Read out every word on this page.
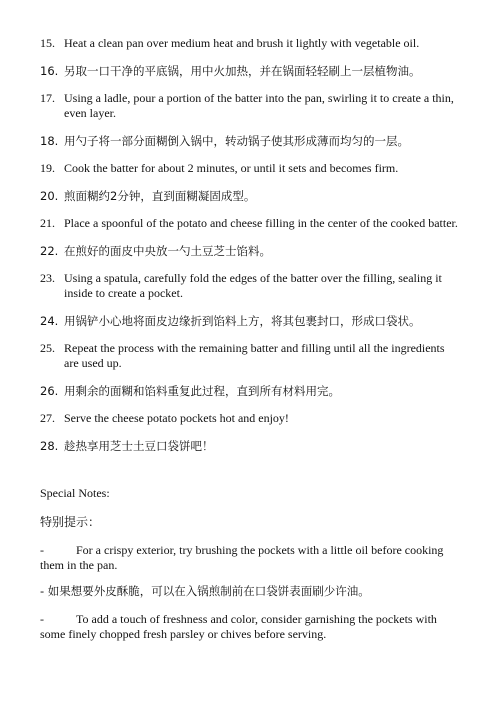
15. Heat a clean pan over medium heat and brush it lightly with vegetable oil.
16. 另取一口干净的平底锅，用中火加热，并在锅面轻轻刷上一层植物油。
17. Using a ladle, pour a portion of the batter into the pan, swirling it to create a thin, even layer.
18. 用勺子将一部分面糊倒入锅中，转动锅子使其形成薄而均匀的一层。
19. Cook the batter for about 2 minutes, or until it sets and becomes firm.
20. 煎面糊约2分钟，直到面糊凝固成型。
21. Place a spoonful of the potato and cheese filling in the center of the cooked batter.
22. 在煎好的面皮中央放一勺土豆芝士馅料。
23. Using a spatula, carefully fold the edges of the batter over the filling, sealing it inside to create a pocket.
24. 用锅铲小心地将面皮边缘折到馅料上方，将其包裹封口，形成口袋状。
25. Repeat the process with the remaining batter and filling until all the ingredients are used up.
26. 用剩余的面糊和馅料重复此过程，直到所有材料用完。
27. Serve the cheese potato pockets hot and enjoy!
28. 趁热享用芝士土豆口袋饼吧！
Special Notes:
特别提示：
-	For a crispy exterior, try brushing the pockets with a little oil before cooking them in the pan.
- 如果想要外皮酥脆，可以在入锅煎制前在口袋饼表面刷少许油。
-	To add a touch of freshness and color, consider garnishing the pockets with some finely chopped fresh parsley or chives before serving.
